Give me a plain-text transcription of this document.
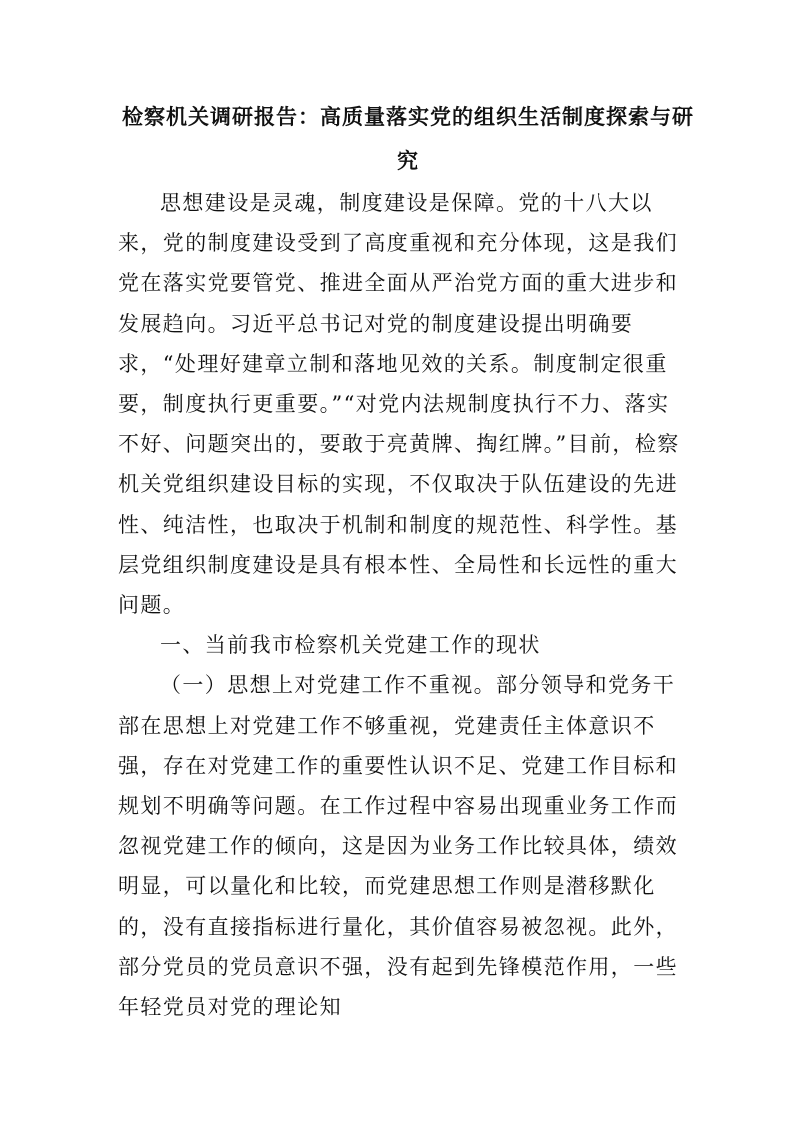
检察机关调研报告：高质量落实党的组织生活制度探索与研究

思想建设是灵魂，制度建设是保障。党的十八大以来，党的制度建设受到了高度重视和充分体现，这是我们党在落实党要管党、推进全面从严治党方面的重大进步和发展趋向。习近平总书记对党的制度建设提出明确要求，“处理好建章立制和落地见效的关系。制度制定很重要，制度执行更重要。”“对党内法规制度执行不力、落实不好、问题突出的，要敢于亮黄牌、掏红牌。”目前，检察机关党组织建设目标的实现，不仅取决于队伍建设的先进性、纯洁性，也取决于机制和制度的规范性、科学性。基层党组织制度建设是具有根本性、全局性和长远性的重大问题。

一、当前我市检察机关党建工作的现状

（一）思想上对党建工作不重视。部分领导和党务干部在思想上对党建工作不够重视，党建责任主体意识不强，存在对党建工作的重要性认识不足、党建工作目标和规划不明确等问题。在工作过程中容易出现重业务工作而忽视党建工作的倾向，这是因为业务工作比较具体，绩效明显，可以量化和比较，而党建思想工作则是潜移默化的，没有直接指标进行量化，其价值容易被忽视。此外，部分党员的党员意识不强，没有起到先锋模范作用，一些年轻党员对党的理论知
